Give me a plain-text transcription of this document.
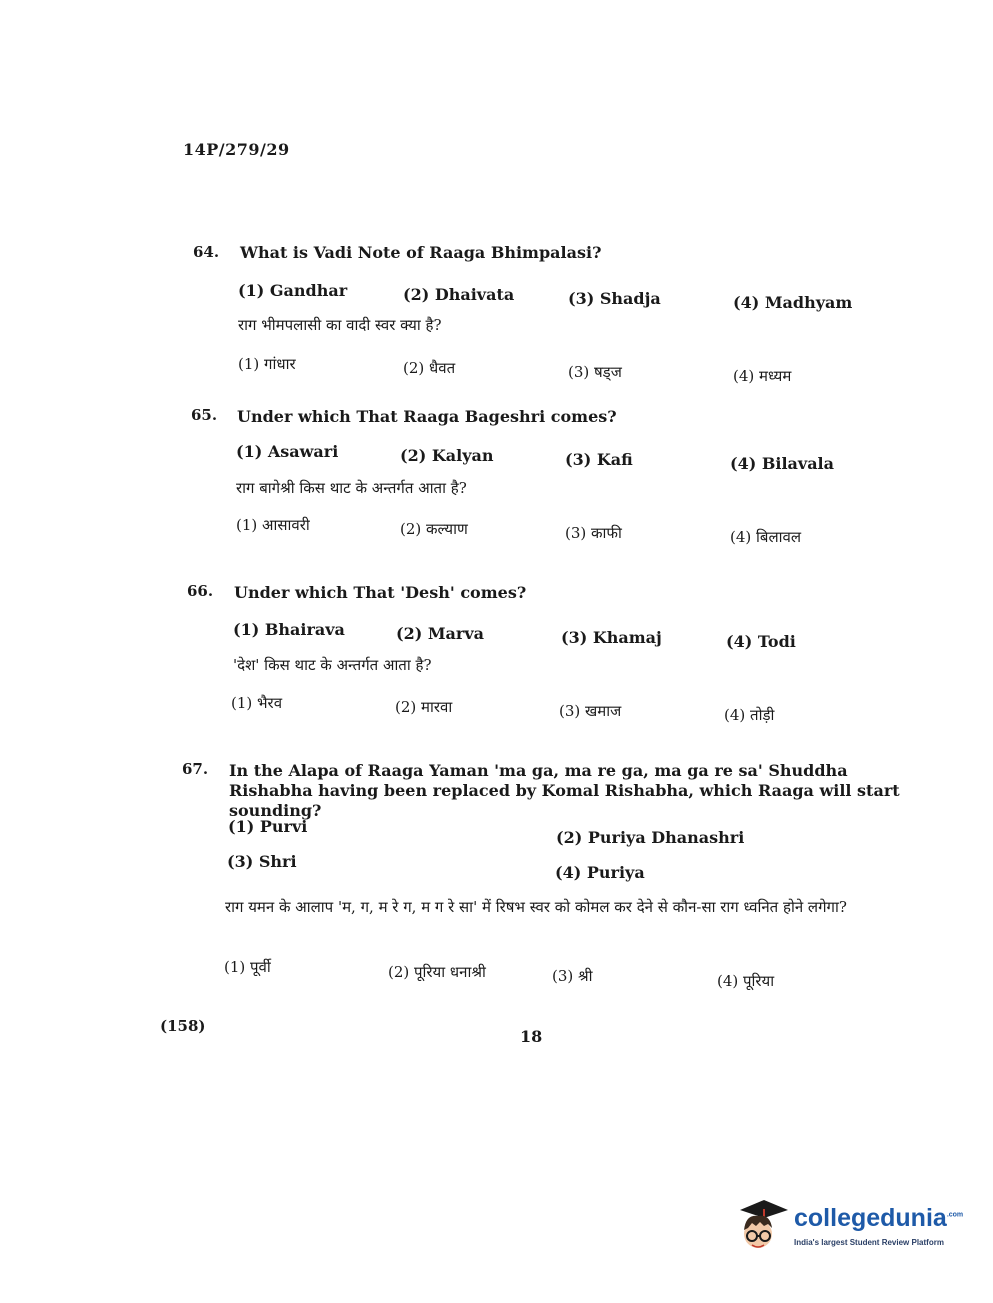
14P/279/29
64. What is Vadi Note of Raaga Bhimpalasi?
(1) Gandhar	(2) Dhaivata	(3) Shadja	(4) Madhyam
राग भीमपलासी का वादी स्वर क्या है?
(1) गांधार	(2) धैवत	(3) षड्ज	(4) मध्यम
65. Under which That Raaga Bageshri comes?
(1) Asawari	(2) Kalyan	(3) Kafi	(4) Bilavala
राग बागेश्री किस थाट के अन्तर्गत आता है?
(1) आसावरी	(2) कल्याण	(3) काफी	(4) बिलावल
66. Under which That 'Desh' comes?
(1) Bhairava	(2) Marva	(3) Khamaj	(4) Todi
'देश' किस थाट के अन्तर्गत आता है?
(1) भैरव	(2) मारवा	(3) खमाज	(4) तोड़ी
67. In the Alapa of Raaga Yaman 'ma ga, ma re ga, ma ga re sa' Shuddha Rishabha having been replaced by Komal Rishabha, which Raaga will start sounding?
(1) Purvi
(2) Puriya Dhanashri
(3) Shri
(4) Puriya
राग यमन के आलाप 'म, ग, म रे ग, म ग रे सा' में रिषभ स्वर को कोमल कर देने से कौन-सा राग ध्वनित होने लगेगा?
(1) पूर्वी	(2) पूरिया धनाश्री	(3) श्री	(4) पूरिया
(158)
18
collegedunia$^{.com}$
India's largest Student Review Platform
